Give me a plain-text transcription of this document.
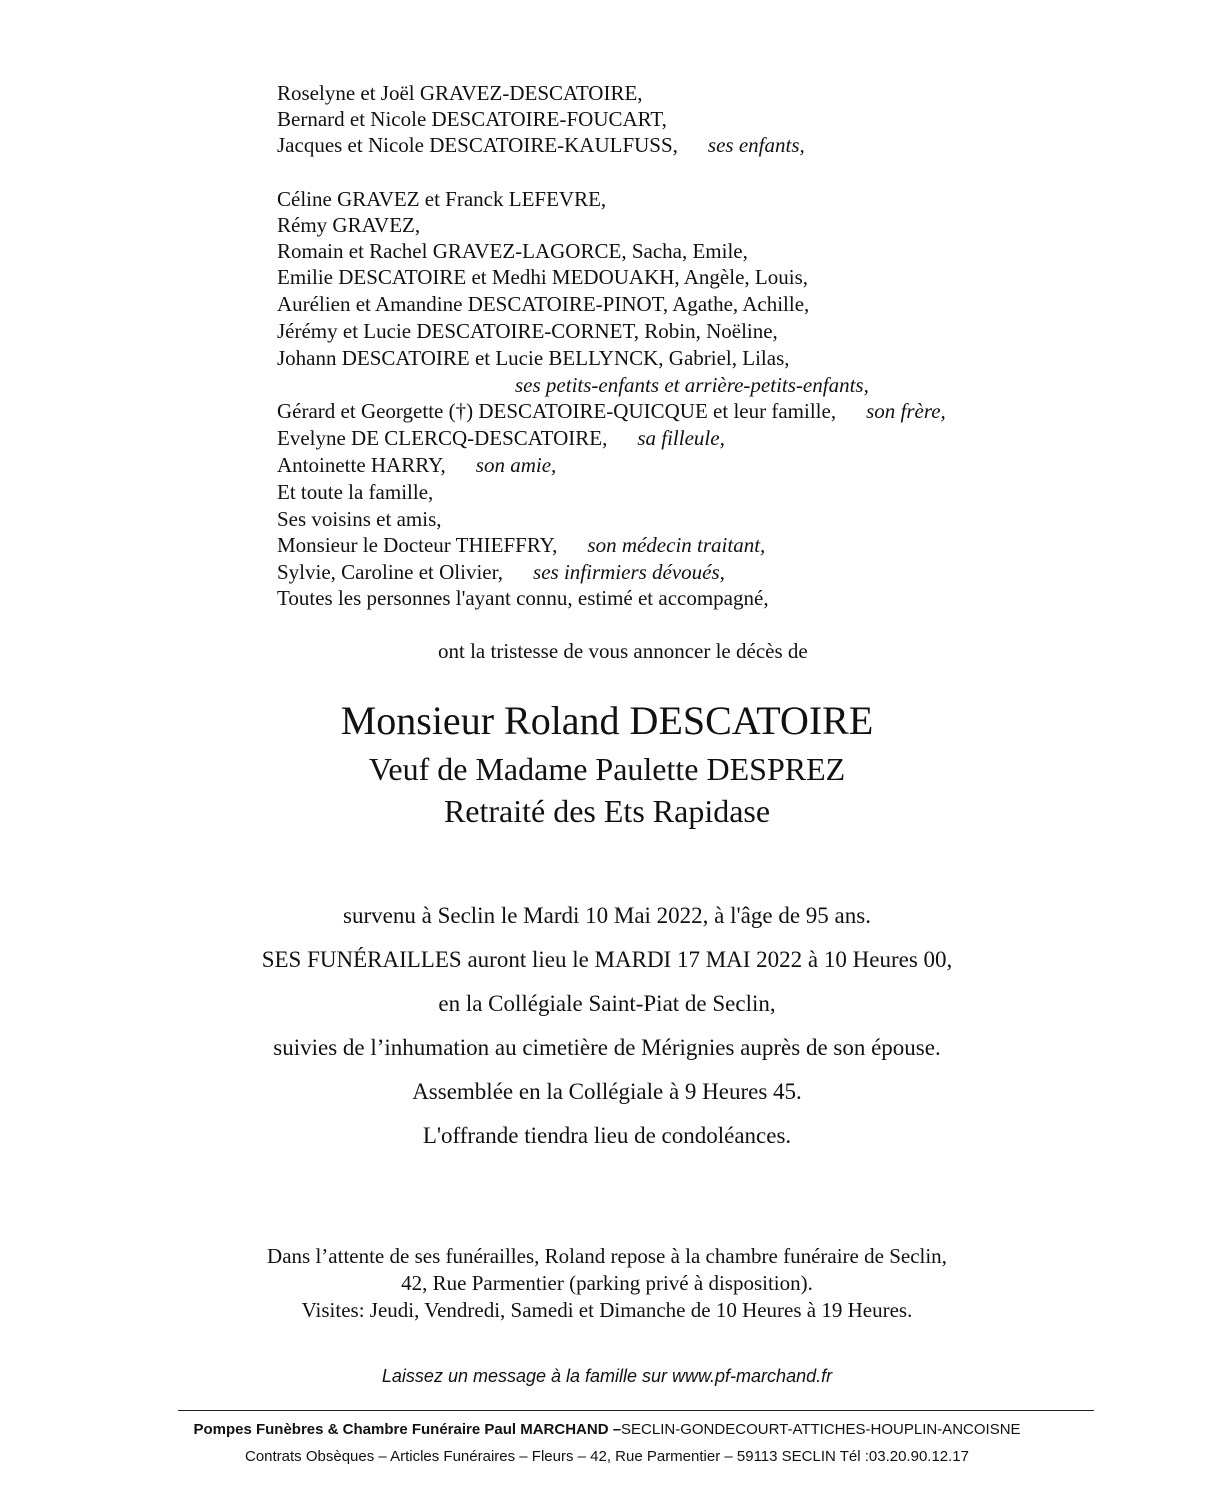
Roselyne et Joël GRAVEZ-DESCATOIRE,
Bernard et Nicole DESCATOIRE-FOUCART,
Jacques et Nicole DESCATOIRE-KAULFUSS, ses enfants,
Céline GRAVEZ et Franck LEFEVRE,
Rémy GRAVEZ,
Romain et Rachel GRAVEZ-LAGORCE, Sacha, Emile,
Emilie DESCATOIRE et Medhi MEDOUAKH, Angèle, Louis,
Aurélien et Amandine DESCATOIRE-PINOT, Agathe, Achille,
Jérémy et Lucie DESCATOIRE-CORNET, Robin, Noëline,
Johann DESCATOIRE et Lucie BELLYNCK, Gabriel, Lilas,
ses petits-enfants et arrière-petits-enfants,
Gérard et Georgette (†) DESCATOIRE-QUICQUE et leur famille, son frère,
Evelyne DE CLERCQ-DESCATOIRE, sa filleule,
Antoinette HARRY, son amie,
Et toute la famille,
Ses voisins et amis,
Monsieur le Docteur THIEFFRY, son médecin traitant,
Sylvie, Caroline et Olivier, ses infirmiers dévoués,
Toutes les personnes l'ayant connu, estimé et accompagné,
ont la tristesse de vous annoncer le décès de
Monsieur Roland DESCATOIRE
Veuf de Madame Paulette DESPREZ
Retraité des Ets Rapidase
survenu à Seclin le Mardi 10 Mai 2022, à l'âge de 95 ans.
SES FUNÉRAILLES auront lieu le MARDI 17 MAI 2022 à 10 Heures 00,
en la Collégiale Saint-Piat de Seclin,
suivies de l’inhumation au cimetière de Mérignies auprès de son épouse.
Assemblée en la Collégiale à 9 Heures 45.
L'offrande tiendra lieu de condoléances.
Dans l’attente de ses funérailles, Roland repose à la chambre funéraire de Seclin,
42, Rue Parmentier (parking privé à disposition).
Visites: Jeudi, Vendredi, Samedi et Dimanche de 10 Heures à 19 Heures.
Laissez un message à la famille sur www.pf-marchand.fr
Pompes Funèbres & Chambre Funéraire Paul MARCHAND –SECLIN-GONDECOURT-ATTICHES-HOUPLIN-ANCOISNE
Contrats Obsèques – Articles Funéraires – Fleurs – 42, Rue Parmentier – 59113 SECLIN Tél :03.20.90.12.17
